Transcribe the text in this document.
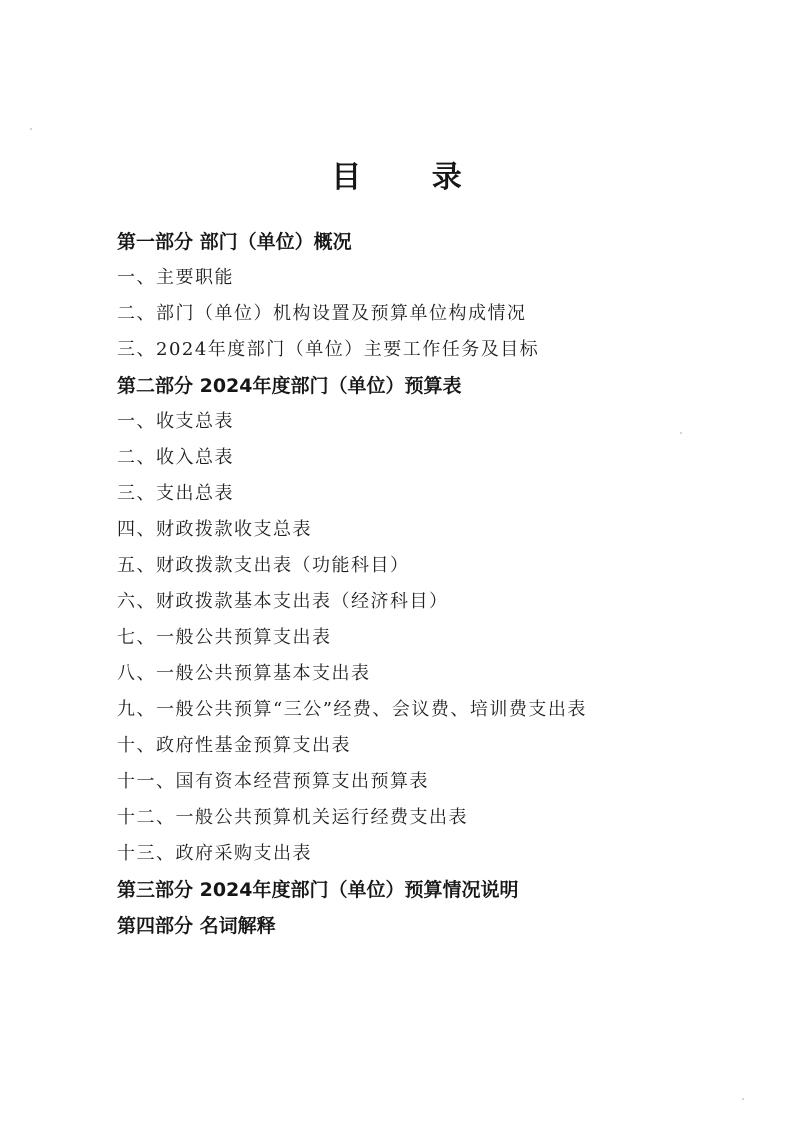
目 录
第一部分 部门（单位）概况
一、主要职能
二、部门（单位）机构设置及预算单位构成情况
三、2024年度部门（单位）主要工作任务及目标
第二部分 2024年度部门（单位）预算表
一、收支总表
二、收入总表
三、支出总表
四、财政拨款收支总表
五、财政拨款支出表（功能科目）
六、财政拨款基本支出表（经济科目）
七、一般公共预算支出表
八、一般公共预算基本支出表
九、一般公共预算“三公”经费、会议费、培训费支出表
十、政府性基金预算支出表
十一、国有资本经营预算支出预算表
十二、一般公共预算机关运行经费支出表
十三、政府采购支出表
第三部分 2024年度部门（单位）预算情况说明
第四部分 名词解释
